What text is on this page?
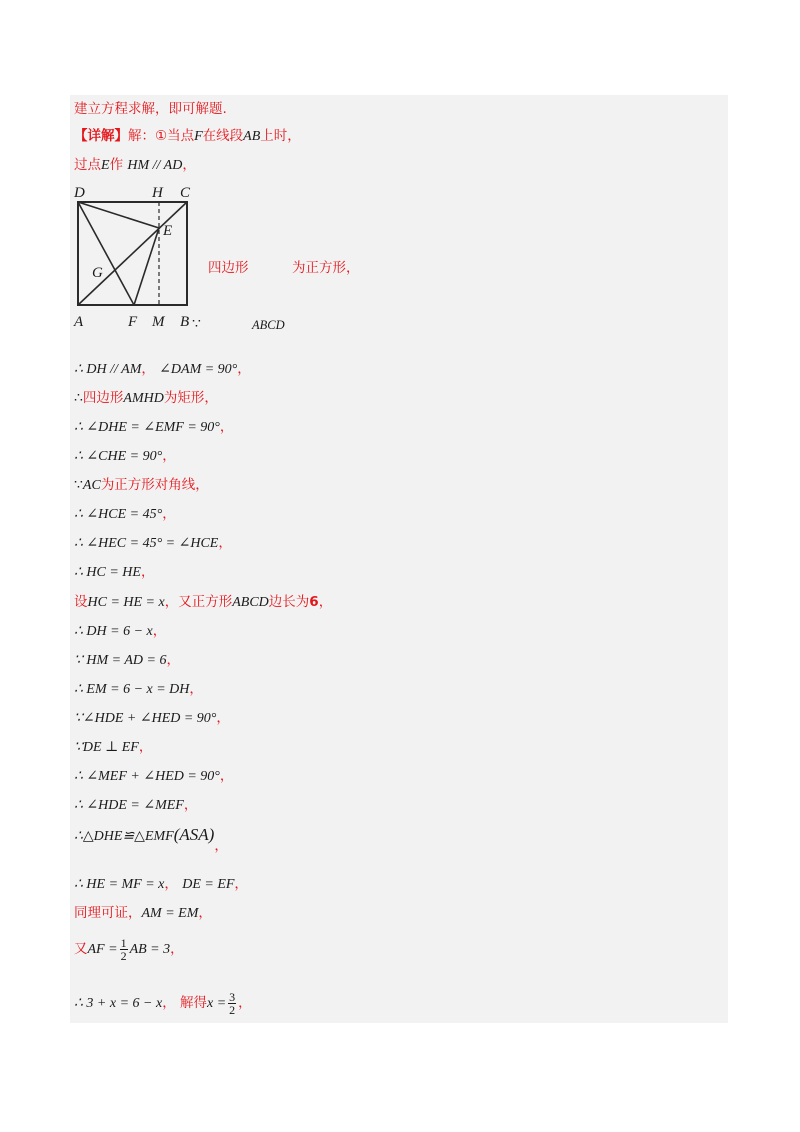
建立方程求解，即可解题.
【详解】解：①当点F在线段AB上时，
过点E作 HM // AD，
D	H C
E
G
A	F M B
四边形	为正方形，
∵	ABCD
∴ DH // AM， ∠DAM = 90°，
∴四边形AMHD为矩形，
∴ ∠DHE = ∠EMF = 90°，
∴ ∠CHE = 90°，
∵AC为正方形对角线，
∴ ∠HCE = 45°，
∴ ∠HEC = 45° = ∠HCE，
∴ HC = HE，
设HC = HE = x，又正方形ABCD边长为6，
∴ DH = 6 − x，
∵ HM = AD = 6，
∴ EM = 6 − x = DH，
∵∠HDE + ∠HED = 90°，
∵DE ⊥ EF，
∴ ∠MEF + ∠HED = 90°，
∴ ∠HDE = ∠MEF，
∴△DHE≌△EMF(ASA)，
∴ HE = MF = x， DE = EF，
同理可证，AM = EM，
又AF = $\frac{1}{2}$ AB = 3，
∴ 3 + x = 6 − x， 解得$x = \frac{3}{2}$ ，
